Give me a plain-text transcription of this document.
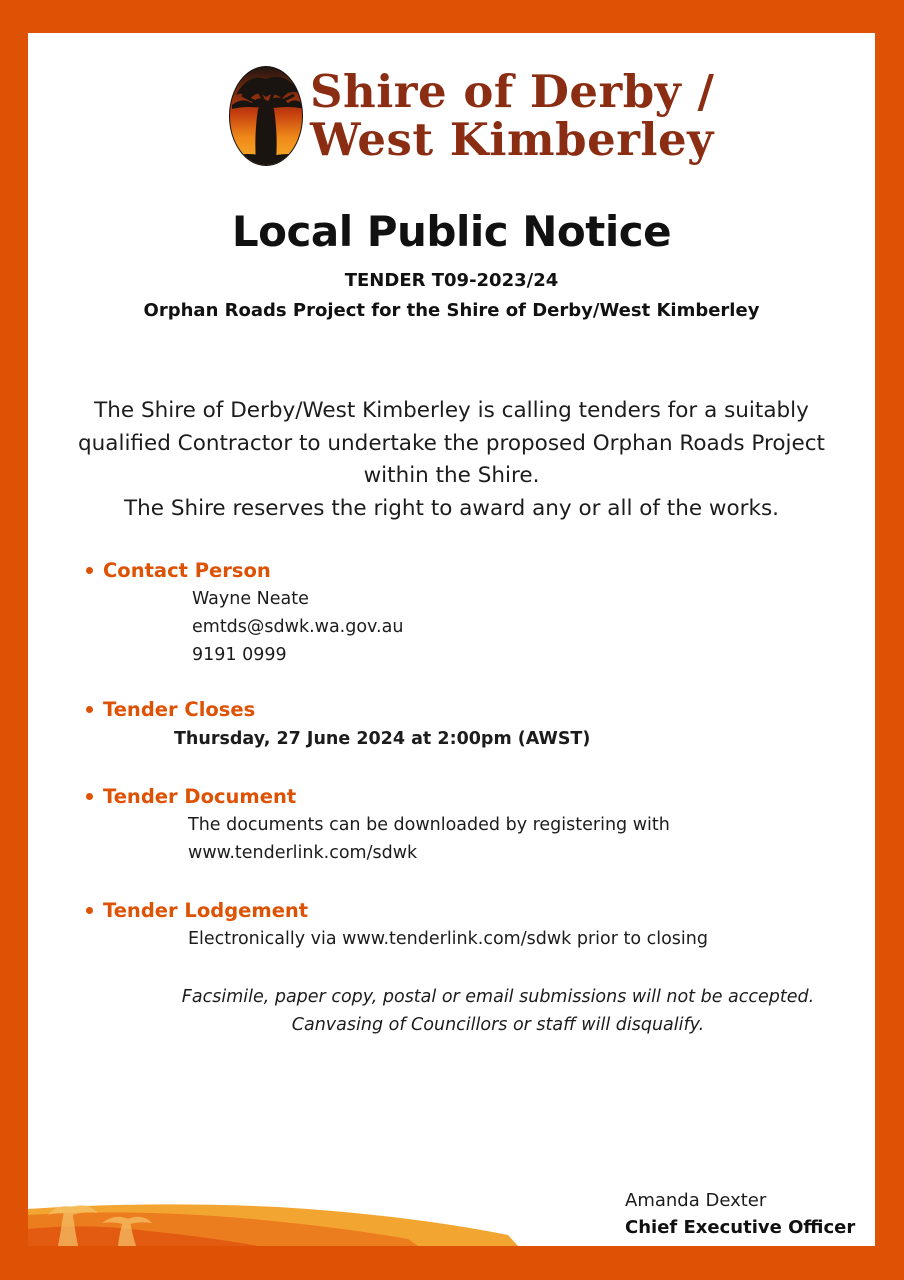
Shire of Derby /
West Kimberley
Local Public Notice
TENDER T09-2023/24
Orphan Roads Project for the Shire of Derby/West Kimberley

The Shire of Derby/West Kimberley is calling tenders for a suitably qualified Contractor to undertake the proposed Orphan Roads Project within the Shire.

The Shire reserves the right to award any or all of the works.

Contact Person
Wayne Neate
emtds@sdwk.wa.gov.au
9191 0999
Tender Closes
Thursday, 27 June 2024 at 2:00pm (AWST)
Tender Document
The documents can be downloaded by registering with
www.tenderlink.com/sdwk
Tender Lodgement
Electronically via www.tenderlink.com/sdwk prior to closing

Facsimile, paper copy, postal or email submissions will not be accepted.

Canvasing of Councillors or staff will disqualify.

Amanda Dexter
Chief Executive Officer
